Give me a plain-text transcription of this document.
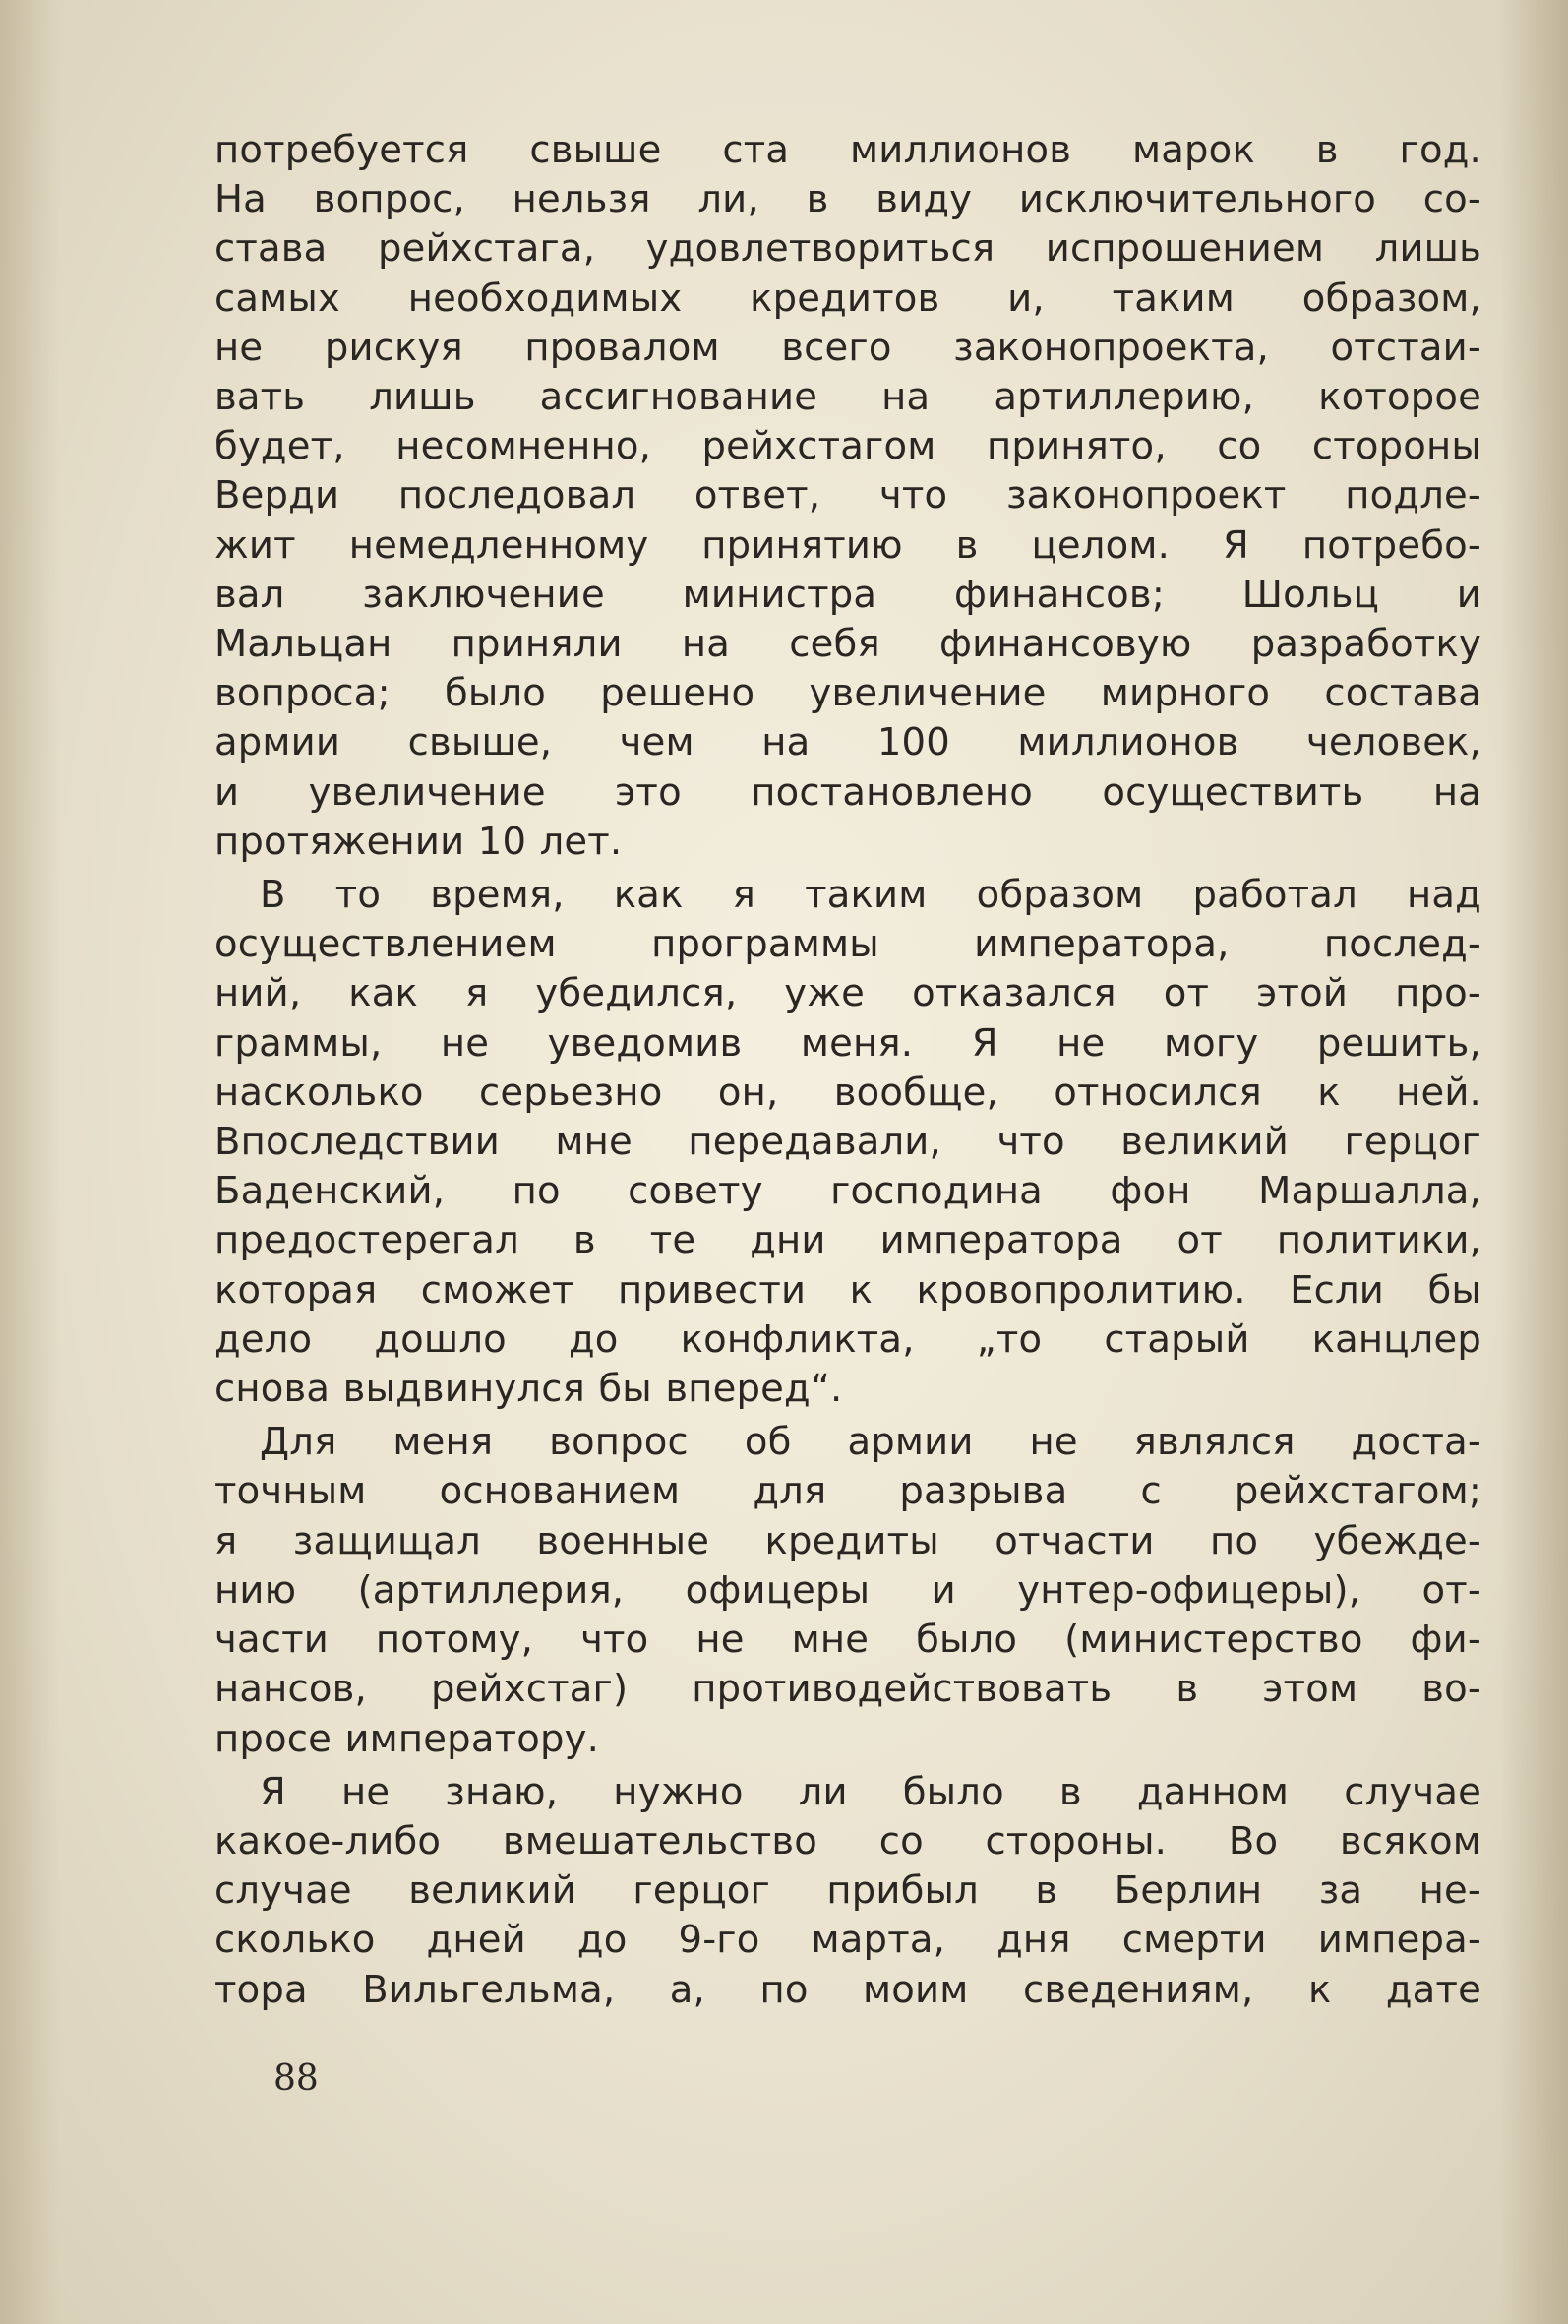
потребуется свыше ста миллионов марок в год.
На вопрос, нельзя ли, в виду исключительного со-
става рейхстага, удовлетвориться испрошением лишь
самых необходимых кредитов и, таким образом,
не рискуя провалом всего законопроекта, отстаи-
вать лишь ассигнование на артиллерию, которое
будет, несомненно, рейхстагом принято, со стороны
Верди последовал ответ, что законопроект подле-
жит немедленному принятию в целом. Я потребо-
вал заключение министра финансов; Шольц и
Мальцан приняли на себя финансовую разработку
вопроса; было решено увеличение мирного состава
армии свыше, чем на 100 миллионов человек,
и увеличение это постановлено осуществить на
протяжении 10 лет.
В то время, как я таким образом работал над
осуществлением программы императора, послед-
ний, как я убедился, уже отказался от этой про-
граммы, не уведомив меня. Я не могу решить,
насколько серьезно он, вообще, относился к ней.
Впоследствии мне передавали, что великий герцог
Баденский, по совету господина фон Маршалла,
предостерегал в те дни императора от политики,
которая сможет привести к кровопролитию. Если бы
дело дошло до конфликта, „то старый канцлер
снова выдвинулся бы вперед“.
Для меня вопрос об армии не являлся доста-
точным основанием для разрыва с рейхстагом;
я защищал военные кредиты отчасти по убежде-
нию (артиллерия, офицеры и унтер-офицеры), от-
части потому, что не мне было (министерство фи-
нансов, рейхстаг) противодействовать в этом во-
просе императору.
Я не знаю, нужно ли было в данном случае
какое-либо вмешательство со стороны. Во всяком
случае великий герцог прибыл в Берлин за не-
сколько дней до 9-го марта, дня смерти импера-
тора Вильгельма, а, по моим сведениям, к дате
88
